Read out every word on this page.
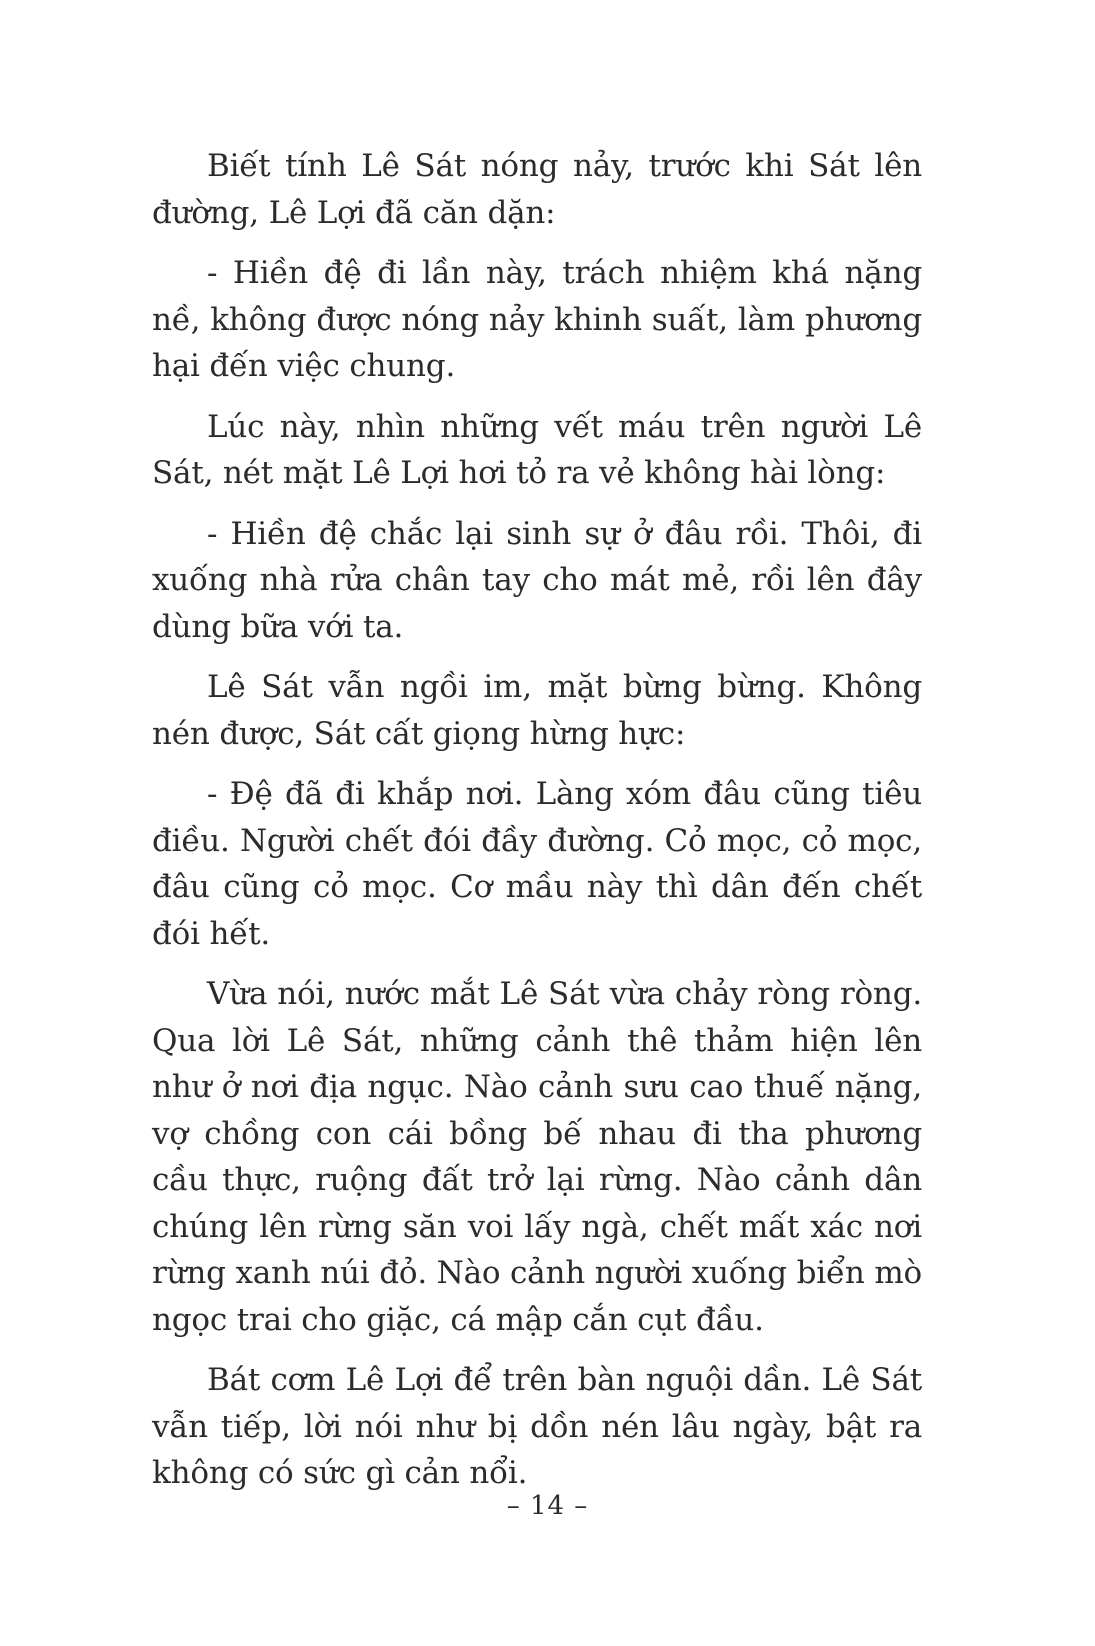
Biết tính Lê Sát nóng nảy, trước khi Sát lên đường, Lê Lợi đã căn dặn:

- Hiền đệ đi lần này, trách nhiệm khá nặng nề, không được nóng nảy khinh suất, làm phương hại đến việc chung.

Lúc này, nhìn những vết máu trên người Lê Sát, nét mặt Lê Lợi hơi tỏ ra vẻ không hài lòng:

- Hiền đệ chắc lại sinh sự ở đâu rồi. Thôi, đi xuống nhà rửa chân tay cho mát mẻ, rồi lên đây dùng bữa với ta.

Lê Sát vẫn ngồi im, mặt bừng bừng. Không nén được, Sát cất giọng hừng hực:

- Đệ đã đi khắp nơi. Làng xóm đâu cũng tiêu điều. Người chết đói đầy đường. Cỏ mọc, cỏ mọc, đâu cũng cỏ mọc. Cơ mầu này thì dân đến chết đói hết.

Vừa nói, nước mắt Lê Sát vừa chảy ròng ròng. Qua lời Lê Sát, những cảnh thê thảm hiện lên như ở nơi địa ngục. Nào cảnh sưu cao thuế nặng, vợ chồng con cái bồng bế nhau đi tha phương cầu thực, ruộng đất trở lại rừng. Nào cảnh dân chúng lên rừng săn voi lấy ngà, chết mất xác nơi rừng xanh núi đỏ. Nào cảnh người xuống biển mò ngọc trai cho giặc, cá mập cắn cụt đầu.

Bát cơm Lê Lợi để trên bàn nguội dần. Lê Sát vẫn tiếp, lời nói như bị dồn nén lâu ngày, bật ra không có sức gì cản nổi.

– 14 –
